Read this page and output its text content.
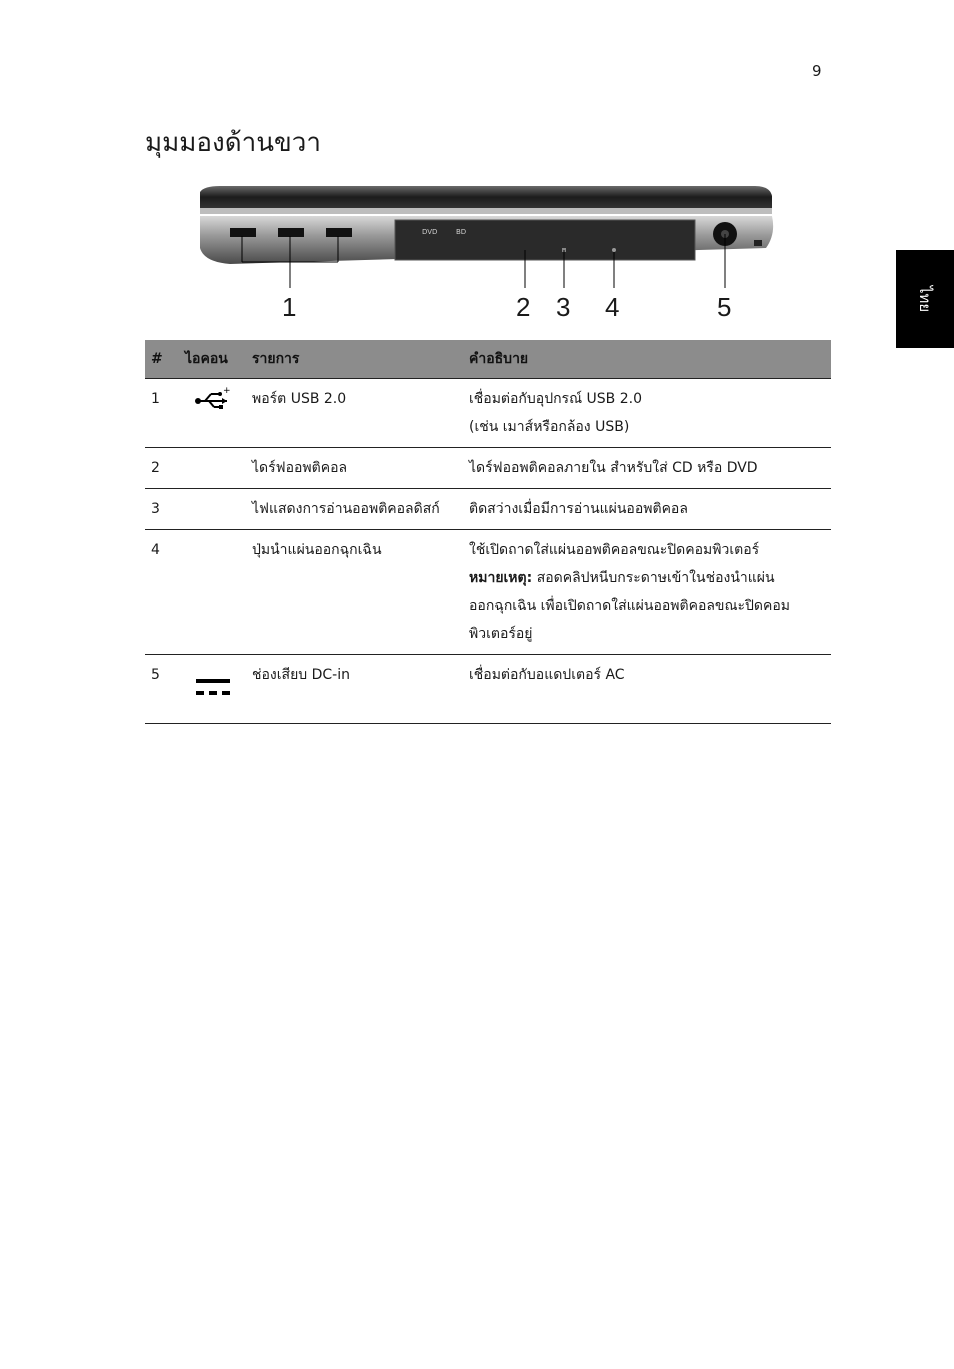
9
มุมมองด้านขวา
ไทย
DVD	BD
1	2 3 4	5
#	ไอคอน	รายการ	คำอธิบาย
1	+	พอร์ต USB 2.0	เชื่อมต่อกับอุปกรณ์ USB 2.0
(เช่น เมาส์หรือกล้อง USB)

2		ไดร์ฟออพติคอล	ไดร์ฟออพติคอลภายใน สำหรับใส่ CD หรือ DVD

3		ไฟแสดงการอ่านออพติคอลดิสก์	ติดสว่างเมื่อมีการอ่านแผ่นออพติคอล

4		ปุ่มนำแผ่นออกฉุกเฉิน	ใช้เปิดถาดใส่แผ่นออพติคอลขณะปิดคอมพิวเตอร์
หมายเหตุ: สอดคลิปหนีบกระดาษเข้าในช่องนำแผ่น
ออกฉุกเฉิน เพื่อเปิดถาดใส่แผ่นออพติคอลขณะปิดคอม
พิวเตอร์อยู่

5		ช่องเสียบ DC-in	เชื่อมต่อกับอแดปเตอร์ AC
